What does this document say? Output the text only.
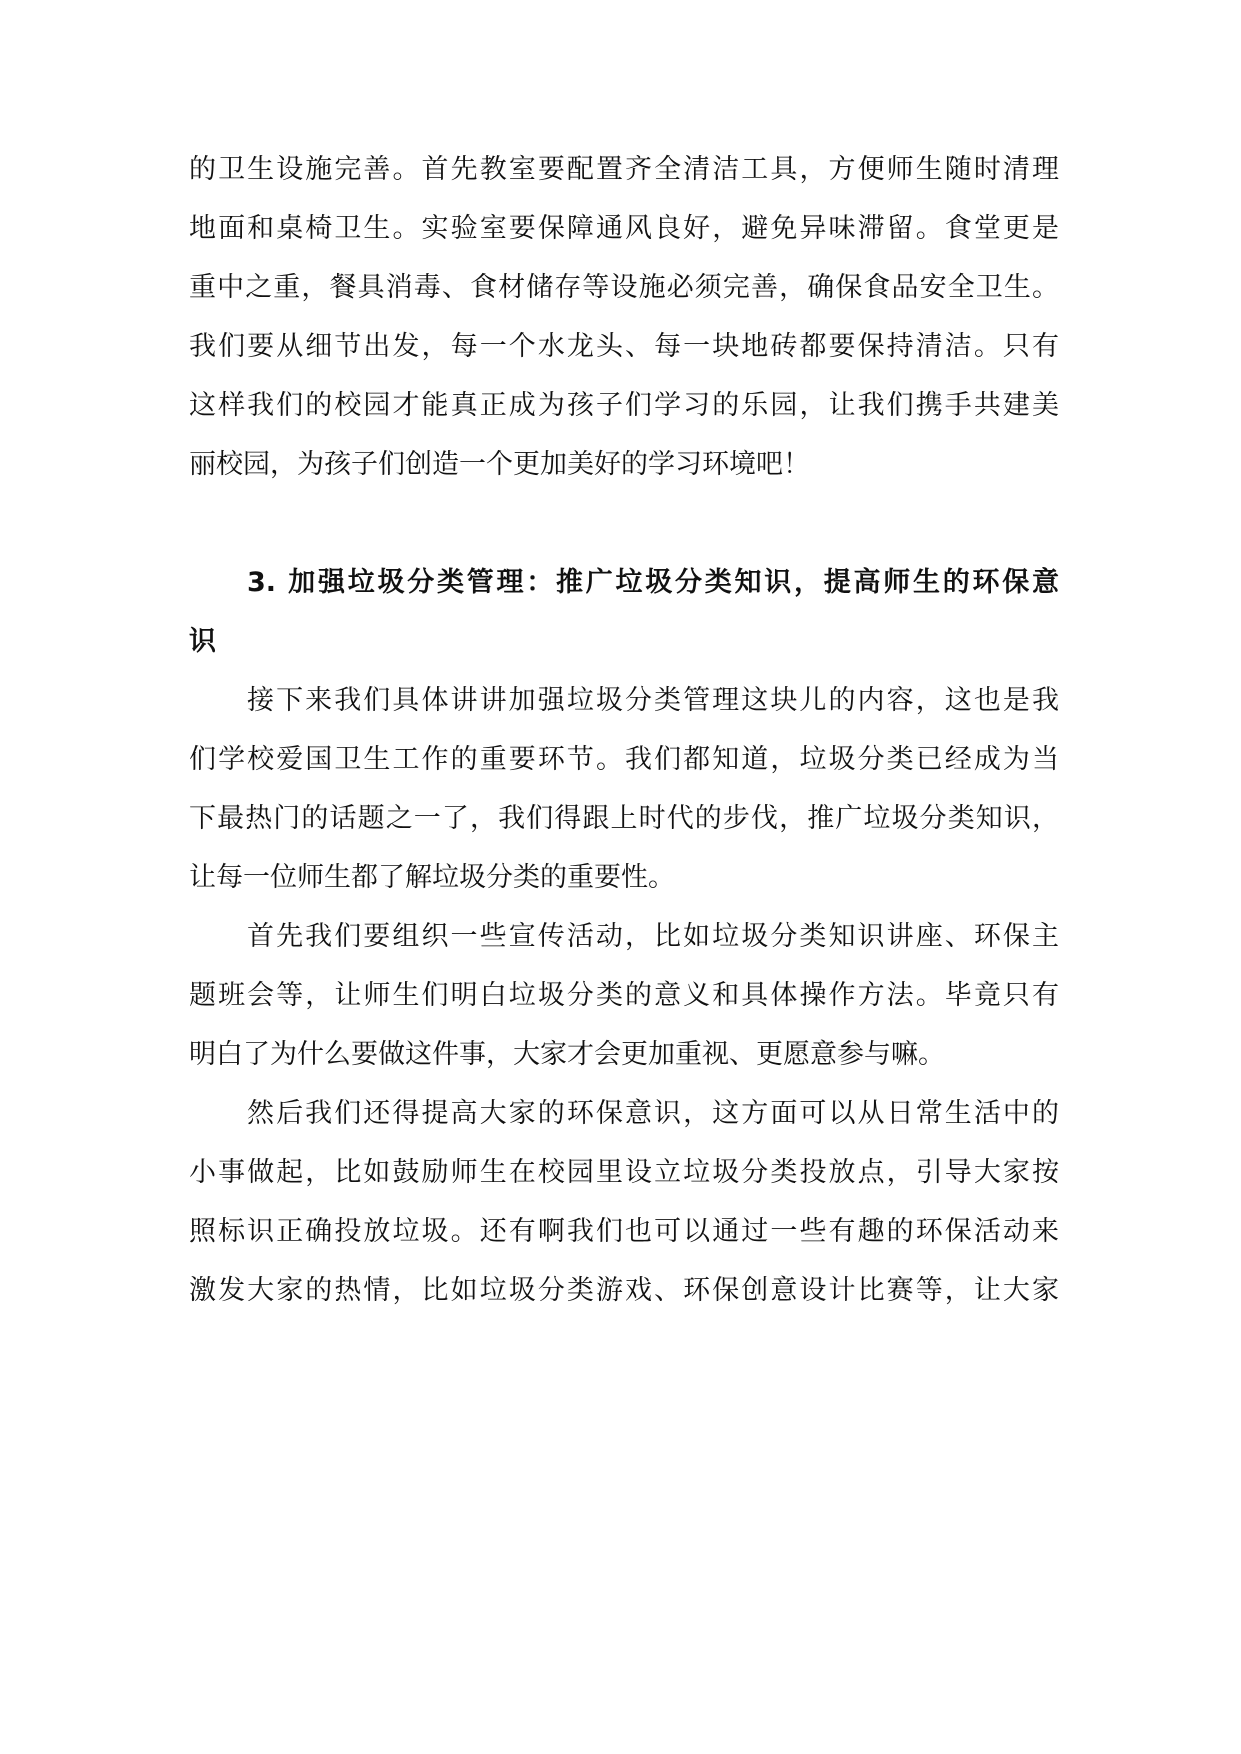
的卫生设施完善。首先教室要配置齐全清洁工具，方便师生随时清理
地面和桌椅卫生。实验室要保障通风良好，避免异味滞留。食堂更是
重中之重，餐具消毒、食材储存等设施必须完善，确保食品安全卫生。
我们要从细节出发，每一个水龙头、每一块地砖都要保持清洁。只有
这样我们的校园才能真正成为孩子们学习的乐园，让我们携手共建美
丽校园，为孩子们创造一个更加美好的学习环境吧！
3. 加强垃圾分类管理：推广垃圾分类知识，提高师生的环保意
识
接下来我们具体讲讲加强垃圾分类管理这块儿的内容，这也是我
们学校爱国卫生工作的重要环节。我们都知道，垃圾分类已经成为当
下最热门的话题之一了，我们得跟上时代的步伐，推广垃圾分类知识，
让每一位师生都了解垃圾分类的重要性。
首先我们要组织一些宣传活动，比如垃圾分类知识讲座、环保主
题班会等，让师生们明白垃圾分类的意义和具体操作方法。毕竟只有
明白了为什么要做这件事，大家才会更加重视、更愿意参与嘛。
然后我们还得提高大家的环保意识，这方面可以从日常生活中的
小事做起，比如鼓励师生在校园里设立垃圾分类投放点，引导大家按
照标识正确投放垃圾。还有啊我们也可以通过一些有趣的环保活动来
激发大家的热情，比如垃圾分类游戏、环保创意设计比赛等，让大家
